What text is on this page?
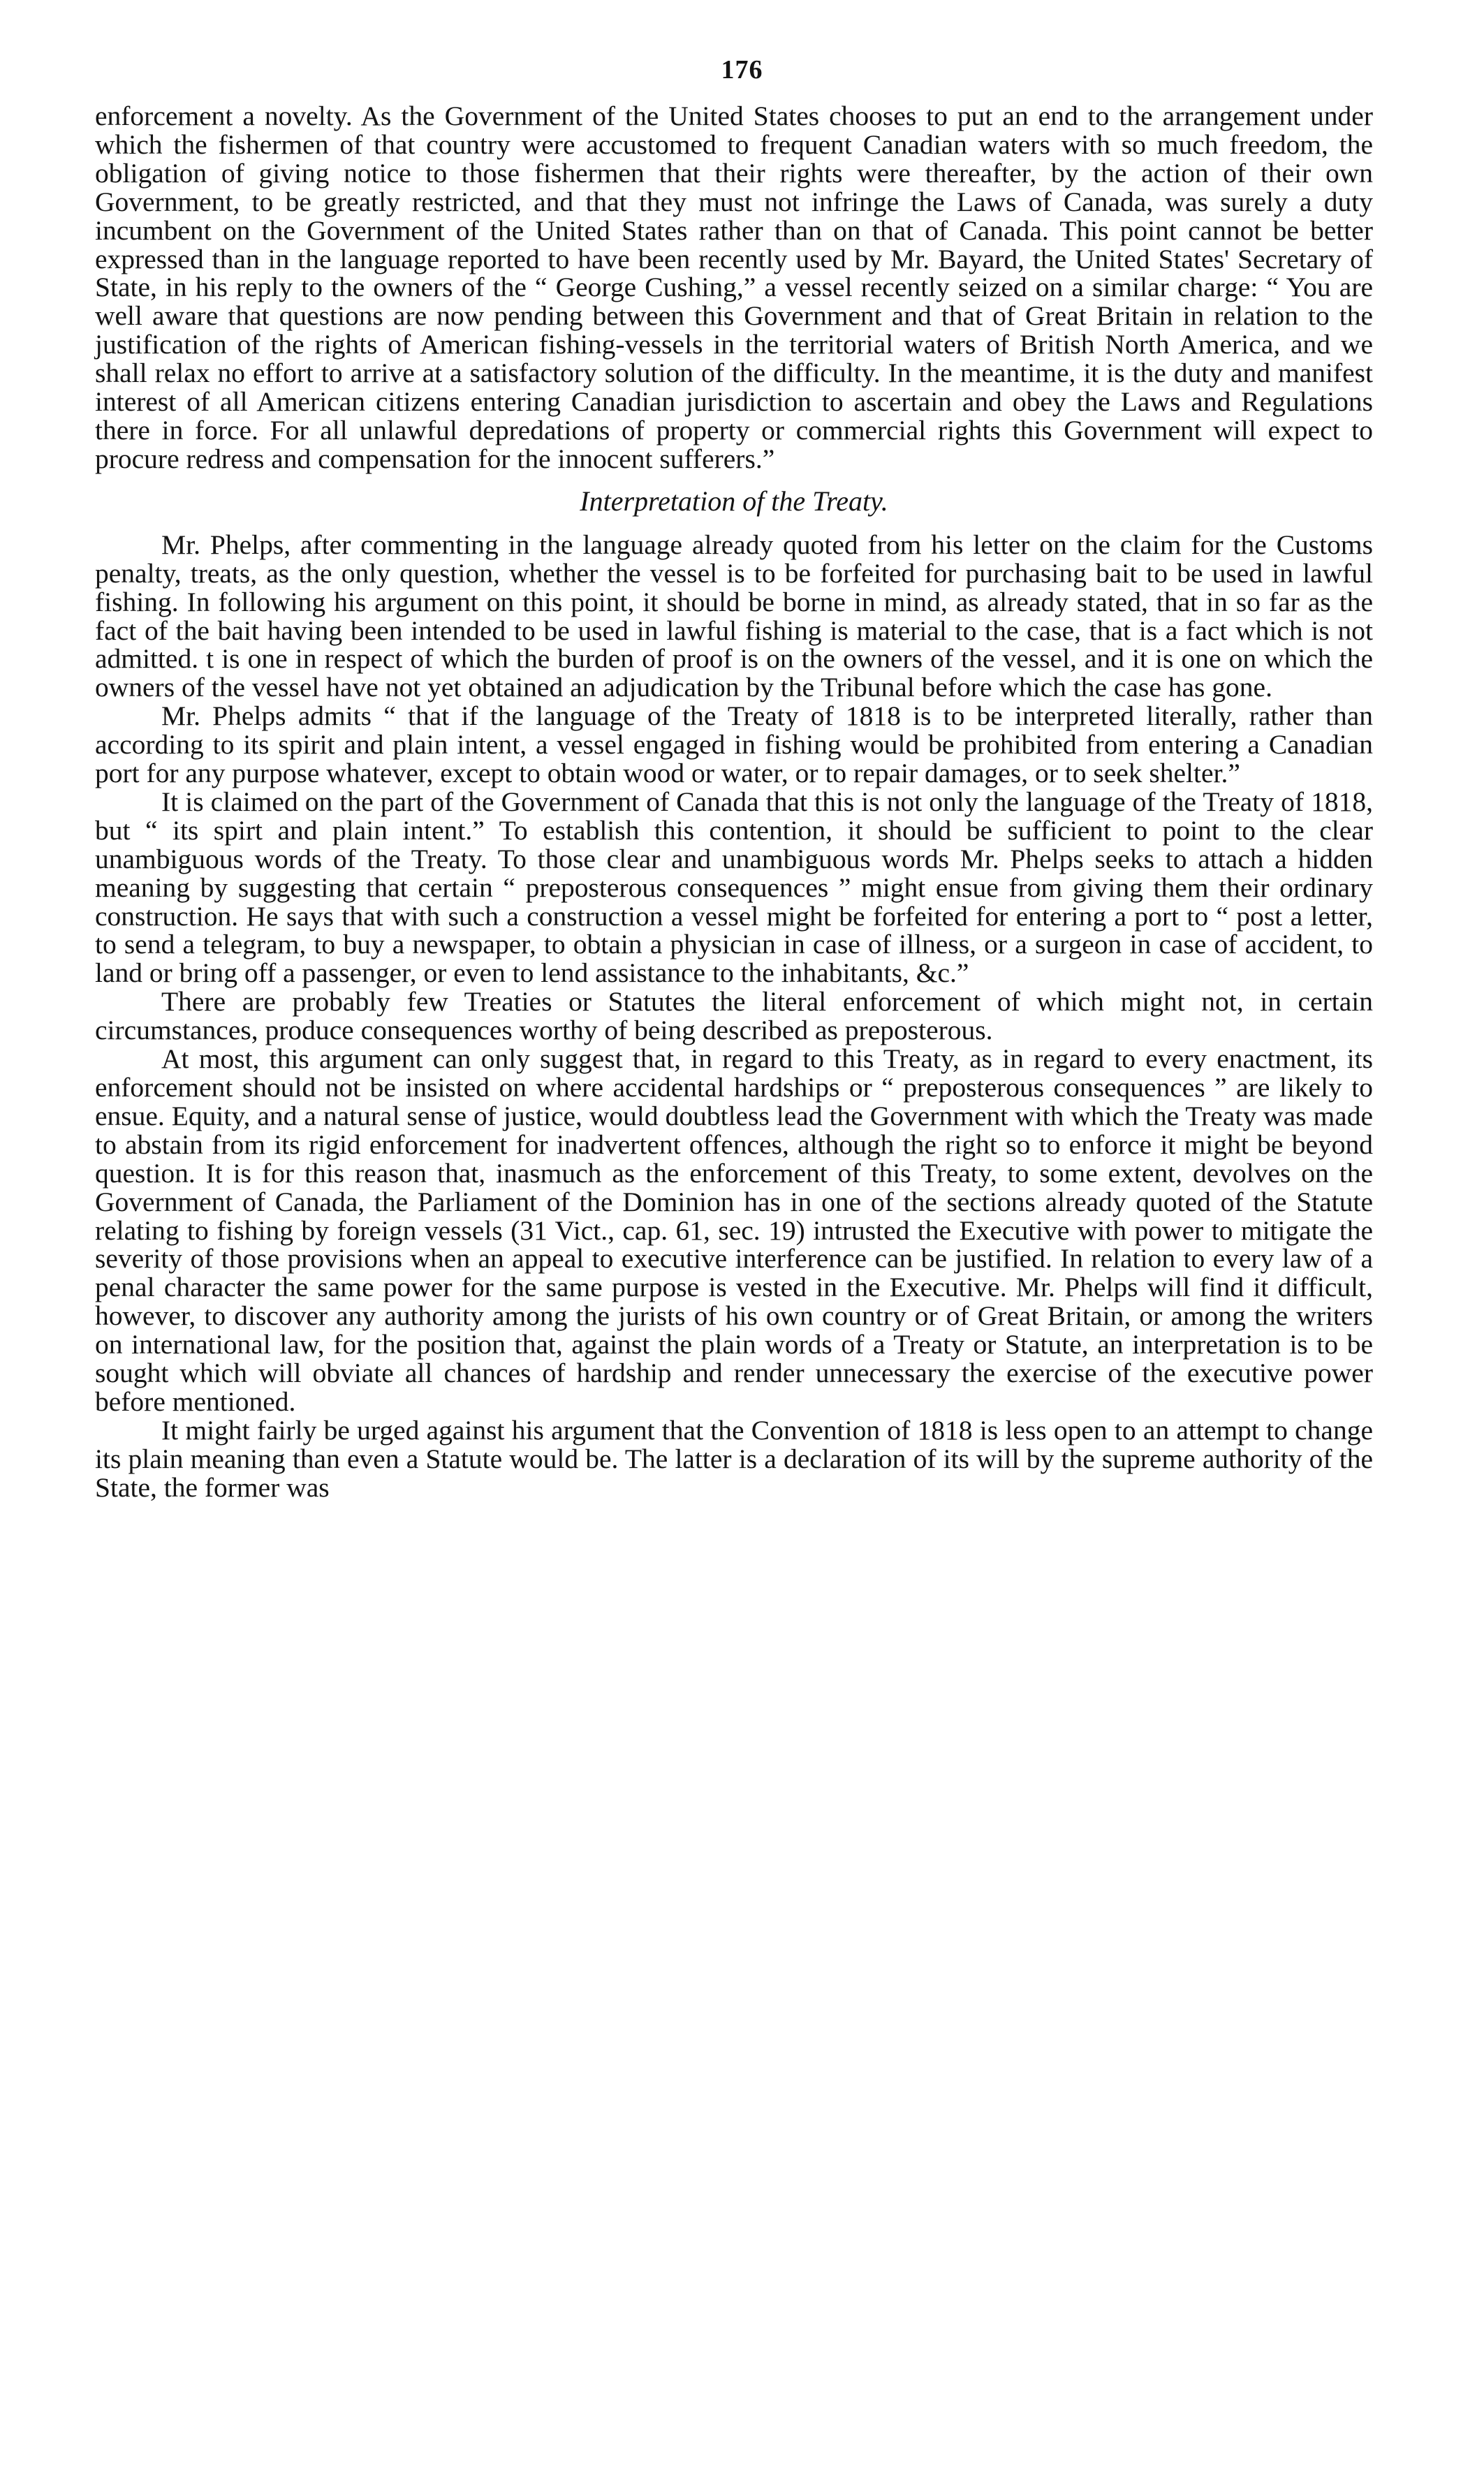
176

enforcement a novelty. As the Government of the United States chooses to put an end to the arrangement under which the fishermen of that country were accustomed to frequent Canadian waters with so much freedom, the obligation of giving notice to those fishermen that their rights were thereafter, by the action of their own Government, to be greatly restricted, and that they must not infringe the Laws of Canada, was surely a duty incumbent on the Government of the United States rather than on that of Canada. This point cannot be better expressed than in the language reported to have been recently used by Mr. Bayard, the United States' Secretary of State, in his reply to the owners of the “ George Cushing,” a vessel recently seized on a similar charge: “ You are well aware that questions are now pending between this Government and that of Great Britain in relation to the justification of the rights of American fishing-vessels in the territorial waters of British North America, and we shall relax no effort to arrive at a satisfactory solution of the difficulty. In the meantime, it is the duty and manifest interest of all American citizens entering Canadian jurisdiction to ascertain and obey the Laws and Regulations there in force. For all unlawful depredations of property or commercial rights this Government will expect to procure redress and compensation for the innocent sufferers.”

Interpretation of the Treaty.

Mr. Phelps, after commenting in the language already quoted from his letter on the claim for the Customs penalty, treats, as the only question, whether the vessel is to be forfeited for purchasing bait to be used in lawful fishing. In following his argument on this point, it should be borne in mind, as already stated, that in so far as the fact of the bait having been intended to be used in lawful fishing is material to the case, that is a fact which is not admitted. t is one in respect of which the burden of proof is on the owners of the vessel, and it is one on which the owners of the vessel have not yet obtained an adjudication by the Tribunal before which the case has gone.

Mr. Phelps admits “ that if the language of the Treaty of 1818 is to be interpreted literally, rather than according to its spirit and plain intent, a vessel engaged in fishing would be prohibited from entering a Canadian port for any purpose whatever, except to obtain wood or water, or to repair damages, or to seek shelter.”

It is claimed on the part of the Government of Canada that this is not only the language of the Treaty of 1818, but “ its spirt and plain intent.” To establish this contention, it should be sufficient to point to the clear unambiguous words of the Treaty. To those clear and unambiguous words Mr. Phelps seeks to attach a hidden meaning by suggesting that certain “ preposterous consequences ” might ensue from giving them their ordinary construction. He says that with such a construction a vessel might be forfeited for entering a port to “ post a letter, to send a telegram, to buy a newspaper, to obtain a physician in case of illness, or a surgeon in case of accident, to land or bring off a passenger, or even to lend assistance to the inhabitants, &c.”

There are probably few Treaties or Statutes the literal enforcement of which might not, in certain circumstances, produce consequences worthy of being described as preposterous.

At most, this argument can only suggest that, in regard to this Treaty, as in regard to every enactment, its enforcement should not be insisted on where accidental hardships or “ preposterous consequences ” are likely to ensue. Equity, and a natural sense of justice, would doubtless lead the Government with which the Treaty was made to abstain from its rigid enforcement for inadvertent offences, although the right so to enforce it might be beyond question. It is for this reason that, inasmuch as the enforcement of this Treaty, to some extent, devolves on the Government of Canada, the Parliament of the Dominion has in one of the sections already quoted of the Statute relating to fishing by foreign vessels (31 Vict., cap. 61, sec. 19) intrusted the Executive with power to mitigate the severity of those provisions when an appeal to executive interference can be justified. In relation to every law of a penal character the same power for the same purpose is vested in the Executive. Mr. Phelps will find it difficult, however, to discover any authority among the jurists of his own country or of Great Britain, or among the writers on international law, for the position that, against the plain words of a Treaty or Statute, an interpretation is to be sought which will obviate all chances of hardship and render unnecessary the exercise of the executive power before mentioned.

It might fairly be urged against his argument that the Convention of 1818 is less open to an attempt to change its plain meaning than even a Statute would be. The latter is a declaration of its will by the supreme authority of the State, the former was
